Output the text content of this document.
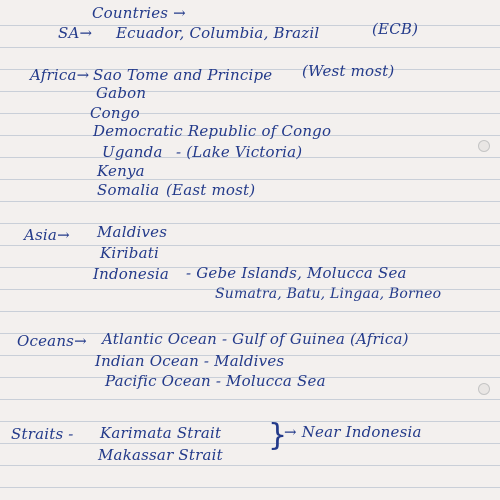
Countries →
SA→ Ecuador, Columbia, Brazil	(ECB)
Africa→ Sao Tome and Principe (West most)
Gabon
Congo
Democratic Republic of Congo
Uganda - (Lake Victoria)
Kenya
Somalia (East most)
Asia→ Maldives
Kiribati
Indonesia - Gebe Islands, Molucca Sea
Sumatra, Batu, Lingaa, Borneo
Oceans→ Atlantic Ocean - Gulf of Guinea (Africa)
Indian Ocean - Maldives
Pacific Ocean - Molucca Sea
Straits - Karimata Strait
Makassar Strait
}
→ Near Indonesia
